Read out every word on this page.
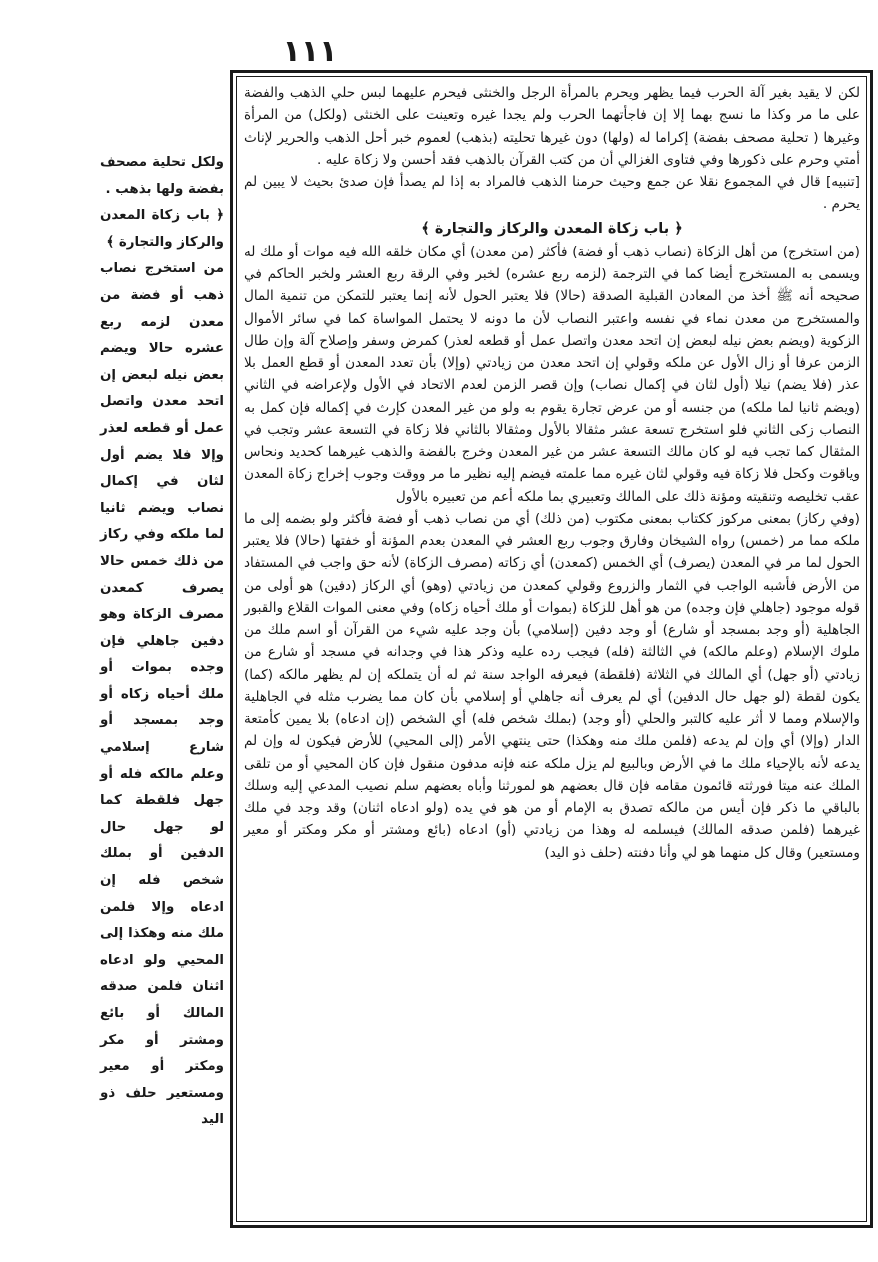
١١١

لكن لا يقيد بغير آلة الحرب فيما يظهر ويحرم بالمرأة الرجل والخنثى فيحرم عليهما لبس حلي الذهب والفضة على ما مر وكذا ما نسج بهما إلا إن فاجأتهما الحرب ولم يجدا غيره وتعينت على الخنثى (ولكل) من المرأة وغيرها ( تحلية مصحف بفضة) إكراما له (ولها) دون غيرها تحليته (بذهب) لعموم خبر أحل الذهب والحرير لإناث أمتي وحرم على ذكورها وفي فتاوى الغزالي أن من كتب القرآن بالذهب فقد أحسن ولا زكاة عليه .

[تنبيه] قال في المجموع نقلا عن جمع وحيث حرمنا الذهب فالمراد به إذا لم يصدأ فإن صدئ بحيث لا يبين لم يحرم .

﴿ باب زكاة المعدن والركاز والتجارة ﴾

(من استخرج) من أهل الزكاة (نصاب ذهب أو فضة) فأكثر (من معدن) أي مكان خلقه الله فيه موات أو ملك له ويسمى به المستخرج أيضا كما في الترجمة (لزمه ربع عشره) لخبر وفي الرقة ربع العشر ولخبر الحاكم في صحيحه أنه ﷺ أخذ من المعادن القبلية الصدقة (حالا) فلا يعتبر الحول لأنه إنما يعتبر للتمكن من تنمية المال والمستخرج من معدن نماء في نفسه واعتبر النصاب لأن ما دونه لا يحتمل المواساة كما في سائر الأموال الزكوية (ويضم بعض نيله لبعض إن اتحد معدن واتصل عمل أو قطعه لعذر) كمرض وسفر وإصلاح آلة وإن طال الزمن عرفا أو زال الأول عن ملكه وقولي إن اتحد معدن من زيادتي (وإلا) بأن تعدد المعدن أو قطع العمل بلا عذر (فلا يضم) نيلا (أول لثان في إكمال نصاب) وإن قصر الزمن لعدم الاتحاد في الأول ولإعراضه في الثاني (ويضم ثانيا لما ملكه) من جنسه أو من عرض تجارة يقوم به ولو من غير المعدن كإرث في إكماله فإن كمل به النصاب زكى الثاني فلو استخرج تسعة عشر مثقالا بالأول ومثقالا بالثاني فلا زكاة في التسعة عشر وتجب في المثقال كما تجب فيه لو كان مالك التسعة عشر من غير المعدن وخرج بالفضة والذهب غيرهما كحديد ونحاس وياقوت وكحل فلا زكاة فيه وقولي لثان غيره مما علمته فيضم إليه نظير ما مر ووقت وجوب إخراج زكاة المعدن عقب تخليصه وتنقيته ومؤنة ذلك على المالك وتعبيري بما ملكه أعم من تعبيره بالأول

(وفي ركاز) بمعنى مركوز ككتاب بمعنى مكتوب (من ذلك) أي من نصاب ذهب أو فضة فأكثر ولو بضمه إلى ما ملكه مما مر (خمس) رواه الشيخان وفارق وجوب ربع العشر في المعدن بعدم المؤنة أو خفتها (حالا) فلا يعتبر الحول لما مر في المعدن (يصرف) أي الخمس (كمعدن) أي زكاته (مصرف الزكاة) لأنه حق واجب في المستفاد من الأرض فأشبه الواجب في الثمار والزروع وقولي كمعدن من زيادتي (وهو) أي الركاز (دفين) هو أولى من قوله موجود (جاهلي فإن وجده) من هو أهل للزكاة (بموات أو ملك أحياه زكاه) وفي معنى الموات القلاع والقبور الجاهلية (أو وجد بمسجد أو شارع) أو وجد دفين (إسلامي) بأن وجد عليه شيء من القرآن أو اسم ملك من ملوك الإسلام (وعلم مالكه) في الثالثة (فله) فيجب رده عليه وذكر هذا في وجدانه في مسجد أو شارع من زيادتي (أو جهل) أي المالك في الثلاثة (فلقطة) فيعرفه الواجد سنة ثم له أن يتملكه إن لم يظهر مالكه (كما) يكون لقطة (لو جهل حال الدفين) أي لم يعرف أنه جاهلي أو إسلامي بأن كان مما يضرب مثله في الجاهلية والإسلام ومما لا أثر عليه كالتبر والحلي (أو وجد) (بملك شخص فله) أي الشخص (إن ادعاه) بلا يمين كأمتعة الدار (وإلا) أي وإن لم يدعه (فلمن ملك منه وهكذا) حتى ينتهي الأمر (إلى المحيي) للأرض فيكون له وإن لم يدعه لأنه بالإحياء ملك ما في الأرض وبالبيع لم يزل ملكه عنه فإنه مدفون منقول فإن كان المحيي أو من تلقى الملك عنه ميتا فورثته قائمون مقامه فإن قال بعضهم هو لمورثنا وأباه بعضهم سلم نصيب المدعي إليه وسلك بالباقي ما ذكر فإن أيس من مالكه تصدق به الإمام أو من هو في يده (ولو ادعاه اثنان) وقد وجد في ملك غيرهما (فلمن صدقه المالك) فيسلمه له وهذا من زيادتي (أو) ادعاه (بائع ومشتر أو مكر ومكتر أو معير ومستعير) وقال كل منهما هو لي وأنا دفنته (حلف ذو اليد)

ولكل تحلية مصحف بفضة ولها بذهب .

﴿ باب زكاة المعدن والركاز والتجارة ﴾

من استخرج نصاب ذهب أو فضة من معدن لزمه ربع عشره حالا ويضم بعض نيله لبعض إن اتحد معدن واتصل عمل أو قطعه لعذر وإلا فلا يضم أول لثان في إكمال نصاب ويضم ثانيا لما ملكه وفي ركاز من ذلك خمس حالا يصرف كمعدن مصرف الزكاة وهو دفين جاهلي فإن وجده بموات أو ملك أحياه زكاه أو وجد بمسجد أو شارع إسلامي وعلم مالكه فله أو جهل فلقطة كما لو جهل حال الدفين أو بملك شخص فله إن ادعاه وإلا فلمن ملك منه وهكذا إلى المحيي ولو ادعاه اثنان فلمن صدقه المالك أو بائع ومشتر أو مكر ومكتر أو معير ومستعير حلف ذو اليد
